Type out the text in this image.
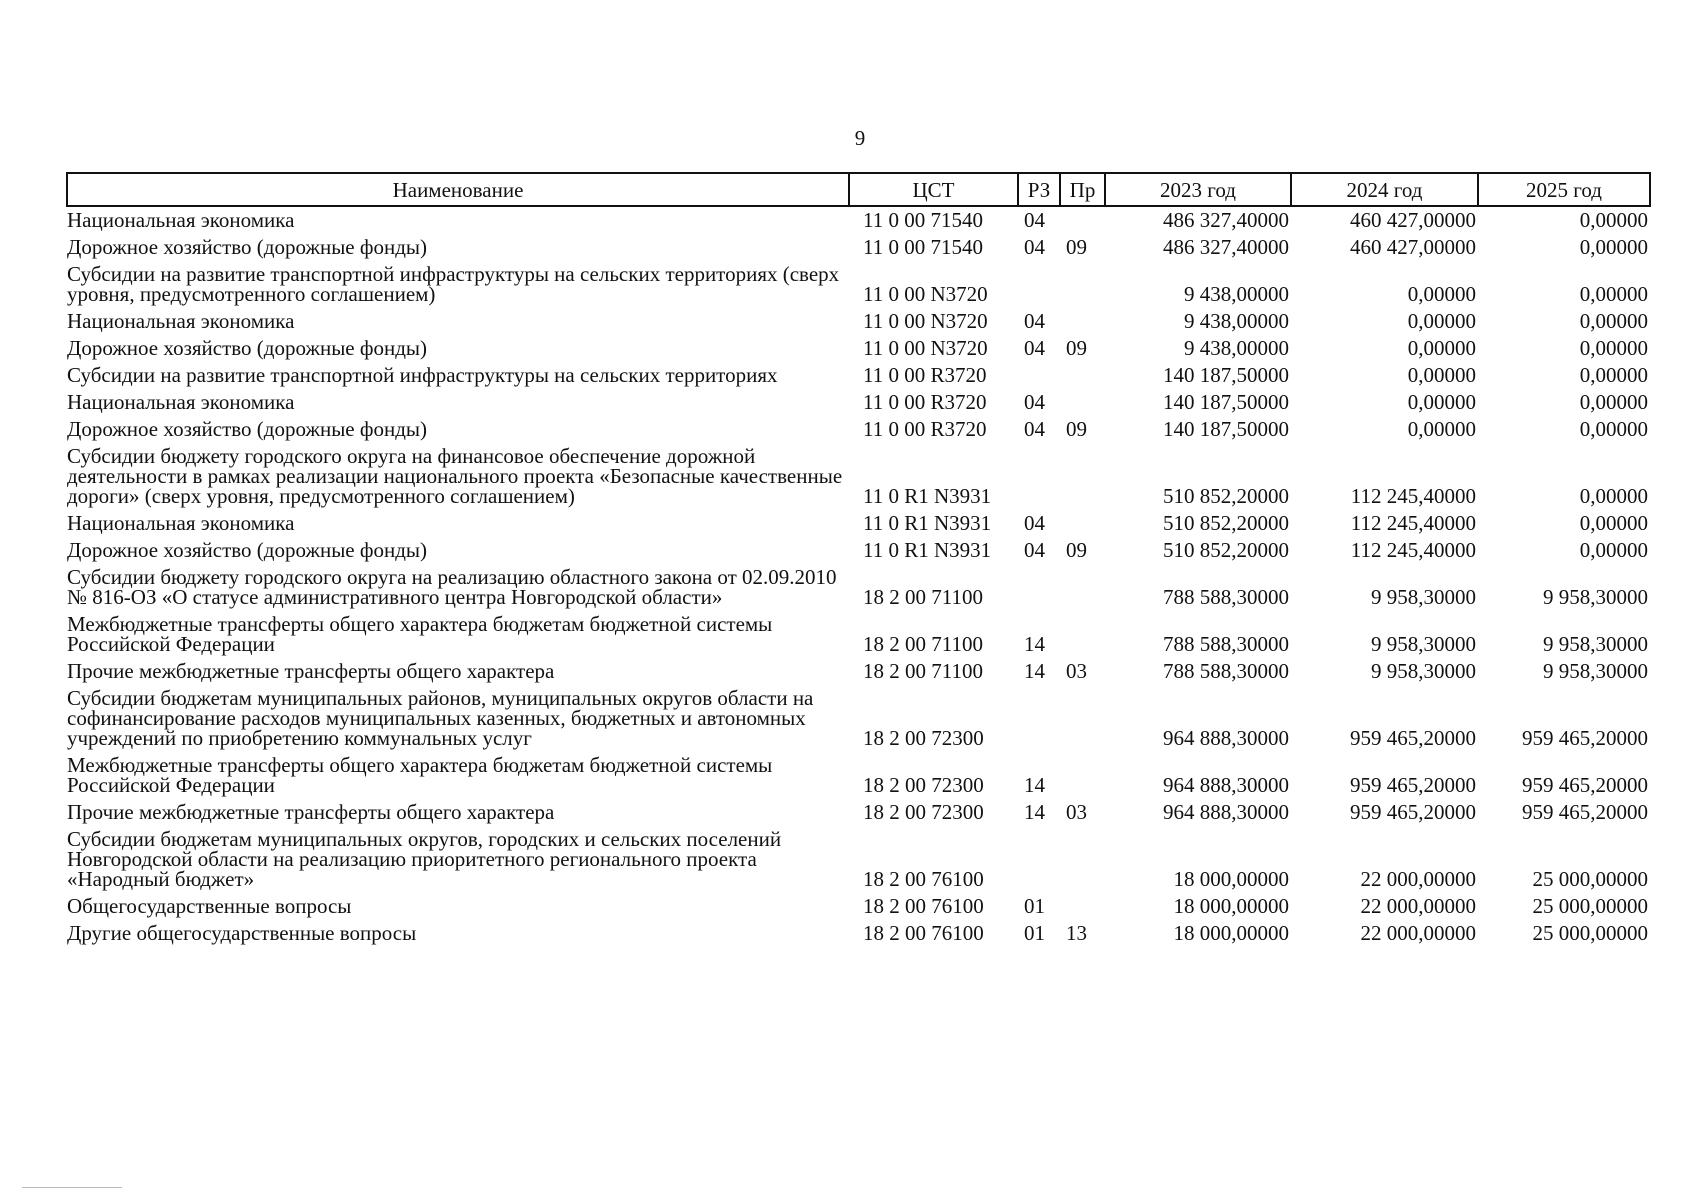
9
Наименование	ЦСТ	РЗ	Пр	2023 год	2024 год	2025 год
Национальная экономика	11 0 00 71540	04		486 327,40000	460 427,00000	0,00000
Дорожное хозяйство (дорожные фонды)	11 0 00 71540	04	09	486 327,40000	460 427,00000	0,00000
Субсидии на развитие транспортной инфраструктуры на сельских территориях (сверх уровня, предусмотренного соглашением)	11 0 00 N3720			9 438,00000	0,00000	0,00000
Национальная экономика	11 0 00 N3720	04		9 438,00000	0,00000	0,00000
Дорожное хозяйство (дорожные фонды)	11 0 00 N3720	04	09	9 438,00000	0,00000	0,00000
Субсидии на развитие транспортной инфраструктуры на сельских территориях	11 0 00 R3720			140 187,50000	0,00000	0,00000
Национальная экономика	11 0 00 R3720	04		140 187,50000	0,00000	0,00000
Дорожное хозяйство (дорожные фонды)	11 0 00 R3720	04	09	140 187,50000	0,00000	0,00000
Субсидии бюджету городского округа на финансовое обеспечение дорожной деятельности в рамках реализации национального проекта «Безопасные качественные дороги» (сверх уровня, предусмотренного соглашением)	11 0 R1 N3931			510 852,20000	112 245,40000	0,00000
Национальная экономика	11 0 R1 N3931	04		510 852,20000	112 245,40000	0,00000
Дорожное хозяйство (дорожные фонды)	11 0 R1 N3931	04	09	510 852,20000	112 245,40000	0,00000
Субсидии бюджету городского округа на реализацию областного закона от 02.09.2010 № 816-ОЗ «О статусе административного центра Новгородской области»	18 2 00 71100			788 588,30000	9 958,30000	9 958,30000
Межбюджетные трансферты общего характера бюджетам бюджетной системы Российской Федерации	18 2 00 71100	14		788 588,30000	9 958,30000	9 958,30000
Прочие межбюджетные трансферты общего характера	18 2 00 71100	14	03	788 588,30000	9 958,30000	9 958,30000
Субсидии бюджетам муниципальных районов, муниципальных округов области на софинансирование расходов муниципальных казенных, бюджетных и автономных учреждений по приобретению коммунальных услуг	18 2 00 72300			964 888,30000	959 465,20000	959 465,20000
Межбюджетные трансферты общего характера бюджетам бюджетной системы Российской Федерации	18 2 00 72300	14		964 888,30000	959 465,20000	959 465,20000
Прочие межбюджетные трансферты общего характера	18 2 00 72300	14	03	964 888,30000	959 465,20000	959 465,20000
Субсидии бюджетам муниципальных округов, городских и сельских поселений Новгородской области на реализацию приоритетного регионального проекта «Народный бюджет»	18 2 00 76100			18 000,00000	22 000,00000	25 000,00000
Общегосударственные вопросы	18 2 00 76100	01		18 000,00000	22 000,00000	25 000,00000
Другие общегосударственные вопросы	18 2 00 76100	01	13	18 000,00000	22 000,00000	25 000,00000
